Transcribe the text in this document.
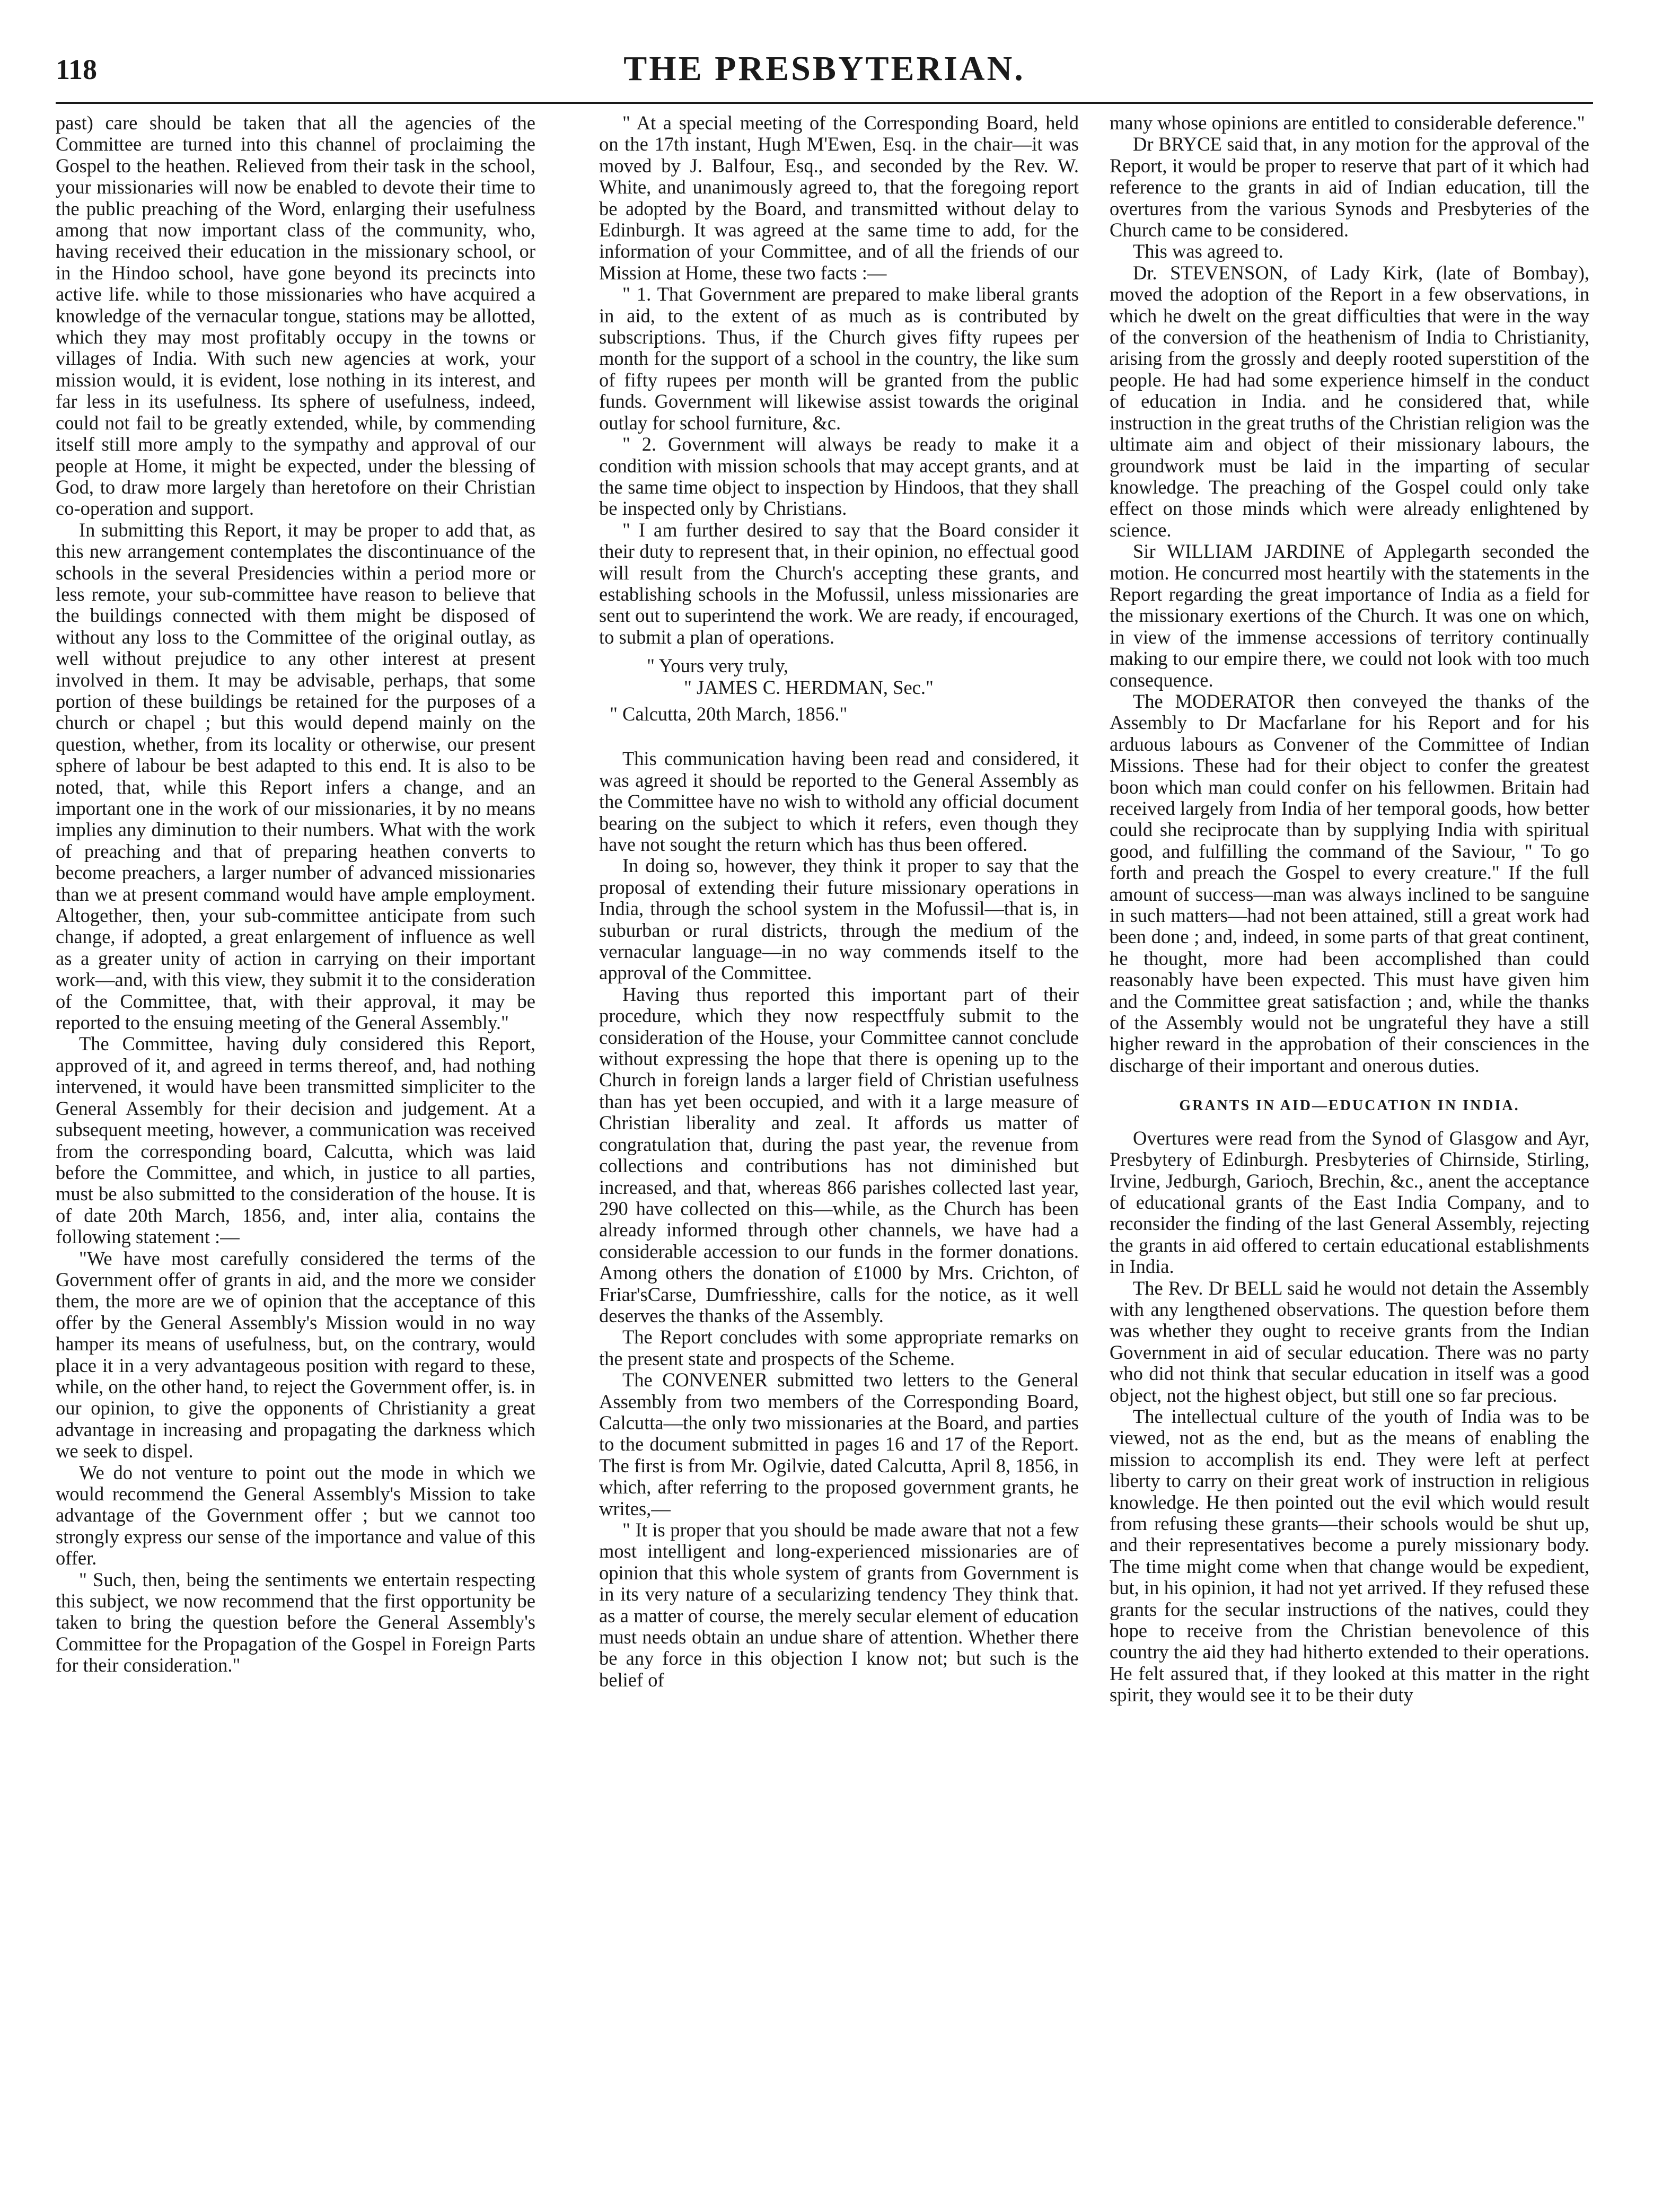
118	THE PRESBYTERIAN.

past) care should be taken that all the agencies of the Committee are turned into this channel of proclaiming the Gospel to the heathen. Relieved from their task in the school, your missionaries will now be enabled to devote their time to the public preaching of the Word, enlarging their usefulness among that now important class of the community, who, having received their education in the missionary school, or in the Hindoo school, have gone beyond its precincts into active life. while to those missionaries who have acquired a knowledge of the vernacular tongue, stations may be allotted, which they may most profitably occupy in the towns or villages of India. With such new agencies at work, your mission would, it is evident, lose nothing in its interest, and far less in its usefulness. Its sphere of usefulness, indeed, could not fail to be greatly extended, while, by commending itself still more amply to the sympathy and approval of our people at Home, it might be expected, under the blessing of God, to draw more largely than heretofore on their Christian co-operation and support.

In submitting this Report, it may be proper to add that, as this new arrangement contemplates the discontinuance of the schools in the several Presidencies within a period more or less remote, your sub-committee have reason to believe that the buildings connected with them might be disposed of without any loss to the Committee of the original outlay, as well without prejudice to any other interest at present involved in them. It may be advisable, perhaps, that some portion of these buildings be retained for the purposes of a church or chapel ; but this would depend mainly on the question, whether, from its locality or otherwise, our present sphere of labour be best adapted to this end. It is also to be noted, that, while this Report infers a change, and an important one in the work of our missionaries, it by no means implies any diminution to their numbers. What with the work of preaching and that of preparing heathen converts to become preachers, a larger number of advanced missionaries than we at present command would have ample employment. Altogether, then, your sub-committee anticipate from such change, if adopted, a great enlargement of influence as well as a greater unity of action in carrying on their important work—and, with this view, they submit it to the consideration of the Committee, that, with their approval, it may be reported to the ensuing meeting of the General Assembly."

The Committee, having duly considered this Report, approved of it, and agreed in terms thereof, and, had nothing intervened, it would have been transmitted simpliciter to the General Assembly for their decision and judgement. At a subsequent meeting, however, a communication was received from the corresponding board, Calcutta, which was laid before the Committee, and which, in justice to all parties, must be also submitted to the consideration of the house. It is of date 20th March, 1856, and, inter alia, contains the following statement :—

"We have most carefully considered the terms of the Government offer of grants in aid, and the more we consider them, the more are we of opinion that the acceptance of this offer by the General Assembly's Mission would in no way hamper its means of usefulness, but, on the contrary, would place it in a very advantageous position with regard to these, while, on the other hand, to reject the Government offer, is. in our opinion, to give the opponents of Christianity a great advantage in increasing and propagating the darkness which we seek to dispel.

We do not venture to point out the mode in which we would recommend the General Assembly's Mission to take advantage of the Government offer ; but we cannot too strongly express our sense of the importance and value of this offer.

" Such, then, being the sentiments we entertain respecting this subject, we now recommend that the first opportunity be taken to bring the question before the General Assembly's Committee for the Propagation of the Gospel in Foreign Parts for their consideration."

" At a special meeting of the Corresponding Board, held on the 17th instant, Hugh M'Ewen, Esq. in the chair—it was moved by J. Balfour, Esq., and seconded by the Rev. W. White, and unanimously agreed to, that the foregoing report be adopted by the Board, and transmitted without delay to Edinburgh. It was agreed at the same time to add, for the information of your Committee, and of all the friends of our Mission at Home, these two facts :—

" 1. That Government are prepared to make liberal grants in aid, to the extent of as much as is contributed by subscriptions. Thus, if the Church gives fifty rupees per month for the support of a school in the country, the like sum of fifty rupees per month will be granted from the public funds. Government will likewise assist towards the original outlay for school furniture, &c.

" 2. Government will always be ready to make it a condition with mission schools that may accept grants, and at the same time object to inspection by Hindoos, that they shall be inspected only by Christians.

" I am further desired to say that the Board consider it their duty to represent that, in their opinion, no effectual good will result from the Church's accepting these grants, and establishing schools in the Mofussil, unless missionaries are sent out to superintend the work. We are ready, if encouraged, to submit a plan of operations.

" Yours very truly,

" JAMES C. HERDMAN, Sec."

" Calcutta, 20th March, 1856."

This communication having been read and considered, it was agreed it should be reported to the General Assembly as the Committee have no wish to withold any official document bearing on the subject to which it refers, even though they have not sought the return which has thus been offered.

In doing so, however, they think it proper to say that the proposal of extending their future missionary operations in India, through the school system in the Mofussil—that is, in suburban or rural districts, through the medium of the vernacular language—in no way commends itself to the approval of the Committee.

Having thus reported this important part of their procedure, which they now respectffuly submit to the consideration of the House, your Committee cannot conclude without expressing the hope that there is opening up to the Church in foreign lands a larger field of Christian usefulness than has yet been occupied, and with it a large measure of Christian liberality and zeal. It affords us matter of congratulation that, during the past year, the revenue from collections and contributions has not diminished but increased, and that, whereas 866 parishes collected last year, 290 have collected on this—while, as the Church has been already informed through other channels, we have had a considerable accession to our funds in the former donations. Among others the donation of £1000 by Mrs. Crichton, of Friar'sCarse, Dumfriesshire, calls for the notice, as it well deserves the thanks of the Assembly.

The Report concludes with some appropriate remarks on the present state and prospects of the Scheme.

The CONVENER submitted two letters to the General Assembly from two members of the Corresponding Board, Calcutta—the only two missionaries at the Board, and parties to the document submitted in pages 16 and 17 of the Report. The first is from Mr. Ogilvie, dated Calcutta, April 8, 1856, in which, after referring to the proposed government grants, he writes,—

" It is proper that you should be made aware that not a few most intelligent and long-experienced missionaries are of opinion that this whole system of grants from Government is in its very nature of a secularizing tendency They think that. as a matter of course, the merely secular element of education must needs obtain an undue share of attention. Whether there be any force in this objection I know not; but such is the belief of

many whose opinions are entitled to considerable deference."

Dr BRYCE said that, in any motion for the approval of the Report, it would be proper to reserve that part of it which had reference to the grants in aid of Indian education, till the overtures from the various Synods and Presbyteries of the Church came to be considered.

This was agreed to.

Dr. STEVENSON, of Lady Kirk, (late of Bombay), moved the adoption of the Report in a few observations, in which he dwelt on the great difficulties that were in the way of the conversion of the heathenism of India to Christianity, arising from the grossly and deeply rooted superstition of the people. He had had some experience himself in the conduct of education in India. and he considered that, while instruction in the great truths of the Christian religion was the ultimate aim and object of their missionary labours, the groundwork must be laid in the imparting of secular knowledge. The preaching of the Gospel could only take effect on those minds which were already enlightened by science.

Sir WILLIAM JARDINE of Applegarth seconded the motion. He concurred most heartily with the statements in the Report regarding the great importance of India as a field for the missionary exertions of the Church. It was one on which, in view of the immense accessions of territory continually making to our empire there, we could not look with too much consequence.

The MODERATOR then conveyed the thanks of the Assembly to Dr Macfarlane for his Report and for his arduous labours as Convener of the Committee of Indian Missions. These had for their object to confer the greatest boon which man could confer on his fellowmen. Britain had received largely from India of her temporal goods, how better could she reciprocate than by supplying India with spiritual good, and fulfilling the command of the Saviour, " To go forth and preach the Gospel to every creature." If the full amount of success—man was always inclined to be sanguine in such matters—had not been attained, still a great work had been done ; and, indeed, in some parts of that great continent, he thought, more had been accomplished than could reasonably have been expected. This must have given him and the Committee great satisfaction ; and, while the thanks of the Assembly would not be ungrateful they have a still higher reward in the approbation of their consciences in the discharge of their important and onerous duties.

GRANTS IN AID—EDUCATION IN INDIA.

Overtures were read from the Synod of Glasgow and Ayr, Presbytery of Edinburgh. Presbyteries of Chirnside, Stirling, Irvine, Jedburgh, Garioch, Brechin, &c., anent the acceptance of educational grants of the East India Company, and to reconsider the finding of the last General Assembly, rejecting the grants in aid offered to certain educational establishments in India.

The Rev. Dr BELL said he would not detain the Assembly with any lengthened observations. The question before them was whether they ought to receive grants from the Indian Government in aid of secular education. There was no party who did not think that secular education in itself was a good object, not the highest object, but still one so far precious.

The intellectual culture of the youth of India was to be viewed, not as the end, but as the means of enabling the mission to accomplish its end. They were left at perfect liberty to carry on their great work of instruction in religious knowledge. He then pointed out the evil which would result from refusing these grants—their schools would be shut up, and their representatives become a purely missionary body. The time might come when that change would be expedient, but, in his opinion, it had not yet arrived. If they refused these grants for the secular instructions of the natives, could they hope to receive from the Christian benevolence of this country the aid they had hitherto extended to their operations. He felt assured that, if they looked at this matter in the right spirit, they would see it to be their duty
